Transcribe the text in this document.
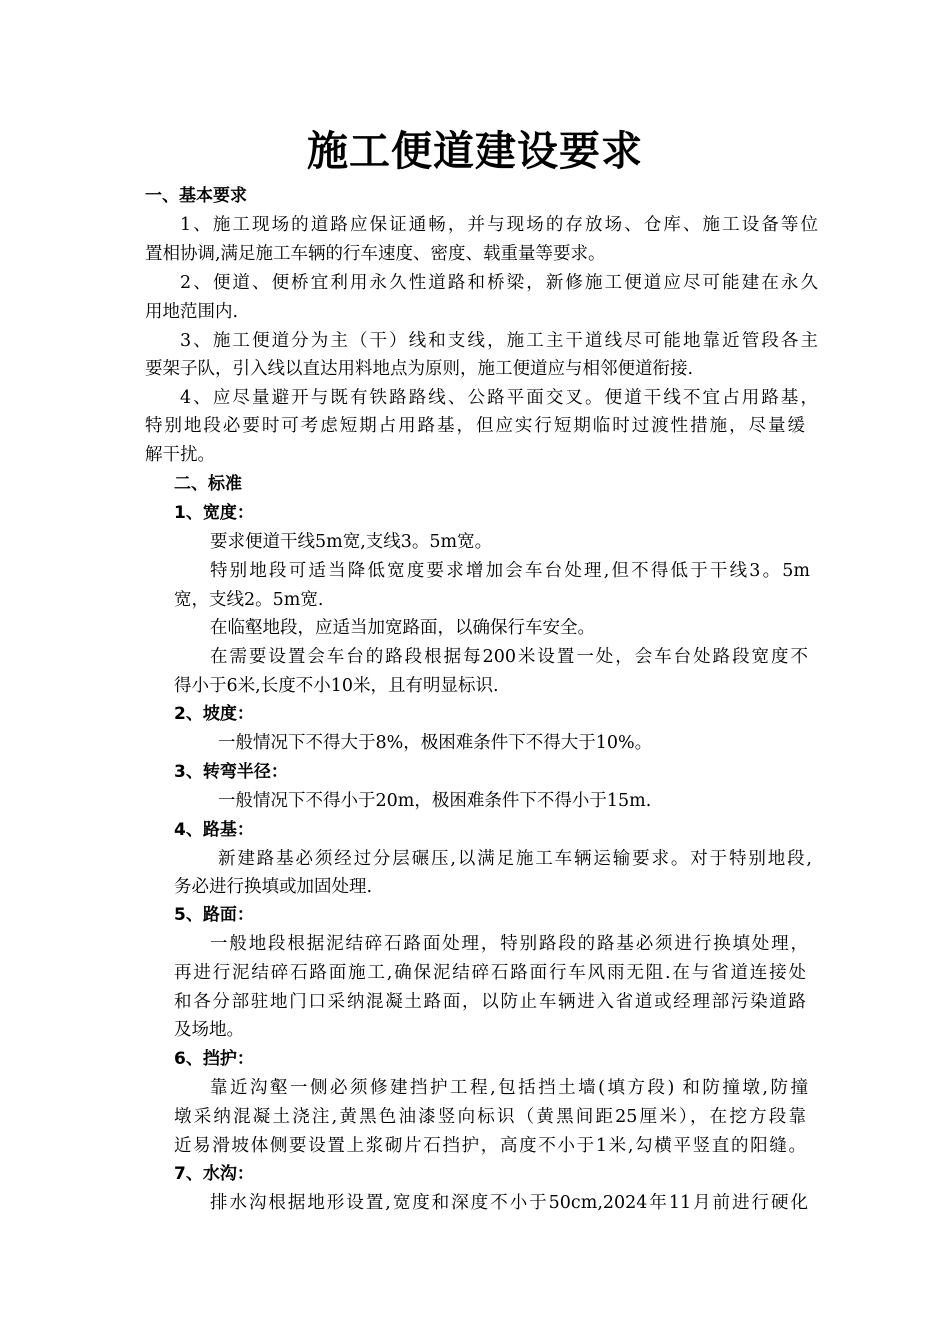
施工便道建设要求
一、基本要求
1、施工现场的道路应保证通畅，并与现场的存放场、仓库、施工设备等位
置相协调,满足施工车辆的行车速度、密度、载重量等要求。
2、便道、便桥宜利用永久性道路和桥梁，新修施工便道应尽可能建在永久
用地范围内.
3、施工便道分为主（干）线和支线，施工主干道线尽可能地靠近管段各主
要架子队，引入线以直达用料地点为原则，施工便道应与相邻便道衔接.
4、应尽量避开与既有铁路路线、公路平面交叉。便道干线不宜占用路基，
特别地段必要时可考虑短期占用路基，但应实行短期临时过渡性措施，尽量缓
解干扰。
二、标准
1、宽度：
要求便道干线5m宽,支线3。5m宽。
特别地段可适当降低宽度要求增加会车台处理,但不得低于干线3。5m
宽，支线2。5m宽.
在临壑地段，应适当加宽路面，以确保行车安全。
在需要设置会车台的路段根据每200米设置一处，会车台处路段宽度不
得小于6米,长度不小10米，且有明显标识.
2、坡度：
一般情况下不得大于8%，极困难条件下不得大于10%。
3、转弯半径：
一般情况下不得小于20m，极困难条件下不得小于15m.
4、路基：
新建路基必须经过分层碾压,以满足施工车辆运输要求。对于特别地段,
务必进行换填或加固处理.
5、路面：
一般地段根据泥结碎石路面处理，特别路段的路基必须进行换填处理，
再进行泥结碎石路面施工,确保泥结碎石路面行车风雨无阻.在与省道连接处
和各分部驻地门口采纳混凝土路面，以防止车辆进入省道或经理部污染道路
及场地。
6、挡护：
靠近沟壑一侧必须修建挡护工程,包括挡土墙(填方段) 和防撞墩,防撞
墩采纳混凝土浇注,黄黑色油漆竖向标识（黄黑间距25厘米），在挖方段靠
近易滑坡体侧要设置上浆砌片石挡护，高度不小于1米,勾横平竖直的阳缝。
7、水沟：
排水沟根据地形设置,宽度和深度不小于50cm,2024年11月前进行硬化
